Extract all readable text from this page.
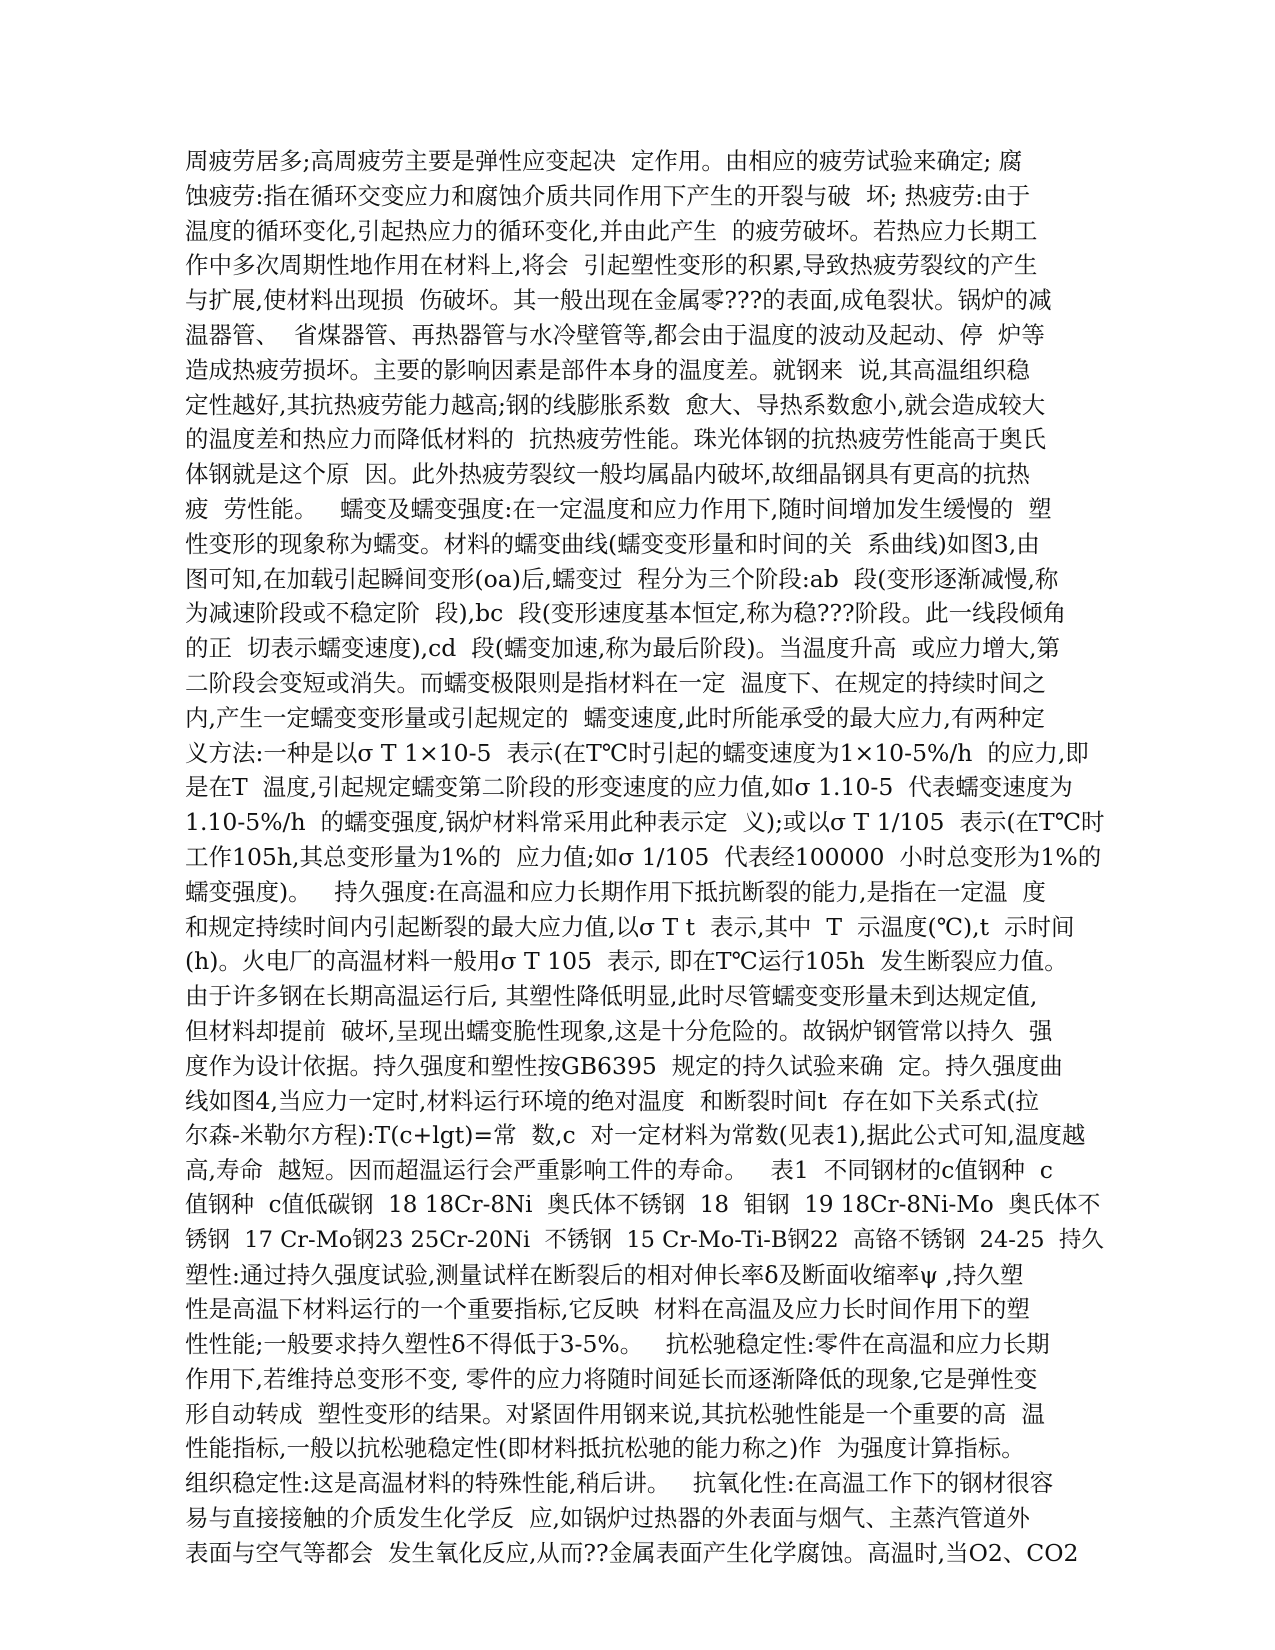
周疲劳居多;高周疲劳主要是弹性应变起决  定作用。由相应的疲劳试验来确定; 腐
蚀疲劳:指在循环交变应力和腐蚀介质共同作用下产生的开裂与破  坏; 热疲劳:由于
温度的循环变化,引起热应力的循环变化,并由此产生  的疲劳破坏。若热应力长期工
作中多次周期性地作用在材料上,将会  引起塑性变形的积累,导致热疲劳裂纹的产生
与扩展,使材料出现损  伤破坏。其一般出现在金属零???的表面,成龟裂状。锅炉的减
温器管、  省煤器管、再热器管与水冷壁管等,都会由于温度的波动及起动、停  炉等
造成热疲劳损坏。主要的影响因素是部件本身的温度差。就钢来  说,其高温组织稳
定性越好,其抗热疲劳能力越高;钢的线膨胀系数  愈大、导热系数愈小,就会造成较大
的温度差和热应力而降低材料的  抗热疲劳性能。珠光体钢的抗热疲劳性能高于奥氏
体钢就是这个原  因。此外热疲劳裂纹一般均属晶内破坏,故细晶钢具有更高的抗热
疲  劳性能。   蠕变及蠕变强度:在一定温度和应力作用下,随时间增加发生缓慢的  塑
性变形的现象称为蠕变。材料的蠕变曲线(蠕变变形量和时间的关  系曲线)如图3,由
图可知,在加载引起瞬间变形(oa)后,蠕变过  程分为三个阶段:ab  段(变形逐渐减慢,称
为减速阶段或不稳定阶  段),bc  段(变形速度基本恒定,称为稳???阶段。此一线段倾角
的正  切表示蠕变速度),cd  段(蠕变加速,称为最后阶段)。当温度升高  或应力增大,第
二阶段会变短或消失。而蠕变极限则是指材料在一定  温度下、在规定的持续时间之
内,产生一定蠕变变形量或引起规定的  蠕变速度,此时所能承受的最大应力,有两种定
义方法:一种是以σ T 1×10-5  表示(在T℃时引起的蠕变速度为1×10-5%/h  的应力,即
是在T  温度,引起规定蠕变第二阶段的形变速度的应力值,如σ 1.10-5  代表蠕变速度为
1.10-5%/h  的蠕变强度,锅炉材料常采用此种表示定  义);或以σ T 1/105  表示(在T℃时
工作105h,其总变形量为1%的  应力值;如σ 1/105  代表经100000  小时总变形为1%的
蠕变强度)。   持久强度:在高温和应力长期作用下抵抗断裂的能力,是指在一定温  度
和规定持续时间内引起断裂的最大应力值,以σ T t  表示,其中  T  示温度(℃),t  示时间
(h)。火电厂的高温材料一般用σ T 105  表示, 即在T℃运行105h  发生断裂应力值。
由于许多钢在长期高温运行后, 其塑性降低明显,此时尽管蠕变变形量未到达规定值,
但材料却提前  破坏,呈现出蠕变脆性现象,这是十分危险的。故锅炉钢管常以持久  强
度作为设计依据。持久强度和塑性按GB6395  规定的持久试验来确  定。持久强度曲
线如图4,当应力一定时,材料运行环境的绝对温度  和断裂时间t  存在如下关系式(拉
尔森-米勒尔方程):T(c+lgt)=常  数,c  对一定材料为常数(见表1),据此公式可知,温度越
高,寿命  越短。因而超温运行会严重影响工件的寿命。   表1  不同钢材的c值钢种  c
值钢种  c值低碳钢  18 18Cr-8Ni  奥氏体不锈钢  18  钼钢  19 18Cr-8Ni-Mo  奥氏体不
锈钢  17 Cr-Mo钢23 25Cr-20Ni  不锈钢  15 Cr-Mo-Ti-B钢22  高铬不锈钢  24-25  持久
塑性:通过持久强度试验,测量试样在断裂后的相对伸长率δ及断面收缩率ψ ,持久塑
性是高温下材料运行的一个重要指标,它反映  材料在高温及应力长时间作用下的塑
性性能;一般要求持久塑性δ不得低于3-5%。   抗松驰稳定性:零件在高温和应力长期
作用下,若维持总变形不变, 零件的应力将随时间延长而逐渐降低的现象,它是弹性变
形自动转成  塑性变形的结果。对紧固件用钢来说,其抗松驰性能是一个重要的高  温
性能指标,一般以抗松驰稳定性(即材料抵抗松驰的能力称之)作  为强度计算指标。
组织稳定性:这是高温材料的特殊性能,稍后讲。   抗氧化性:在高温工作下的钢材很容
易与直接接触的介质发生化学反  应,如锅炉过热器的外表面与烟气、主蒸汽管道外
表面与空气等都会  发生氧化反应,从而??金属表面产生化学腐蚀。高温时,当O2、CO2
